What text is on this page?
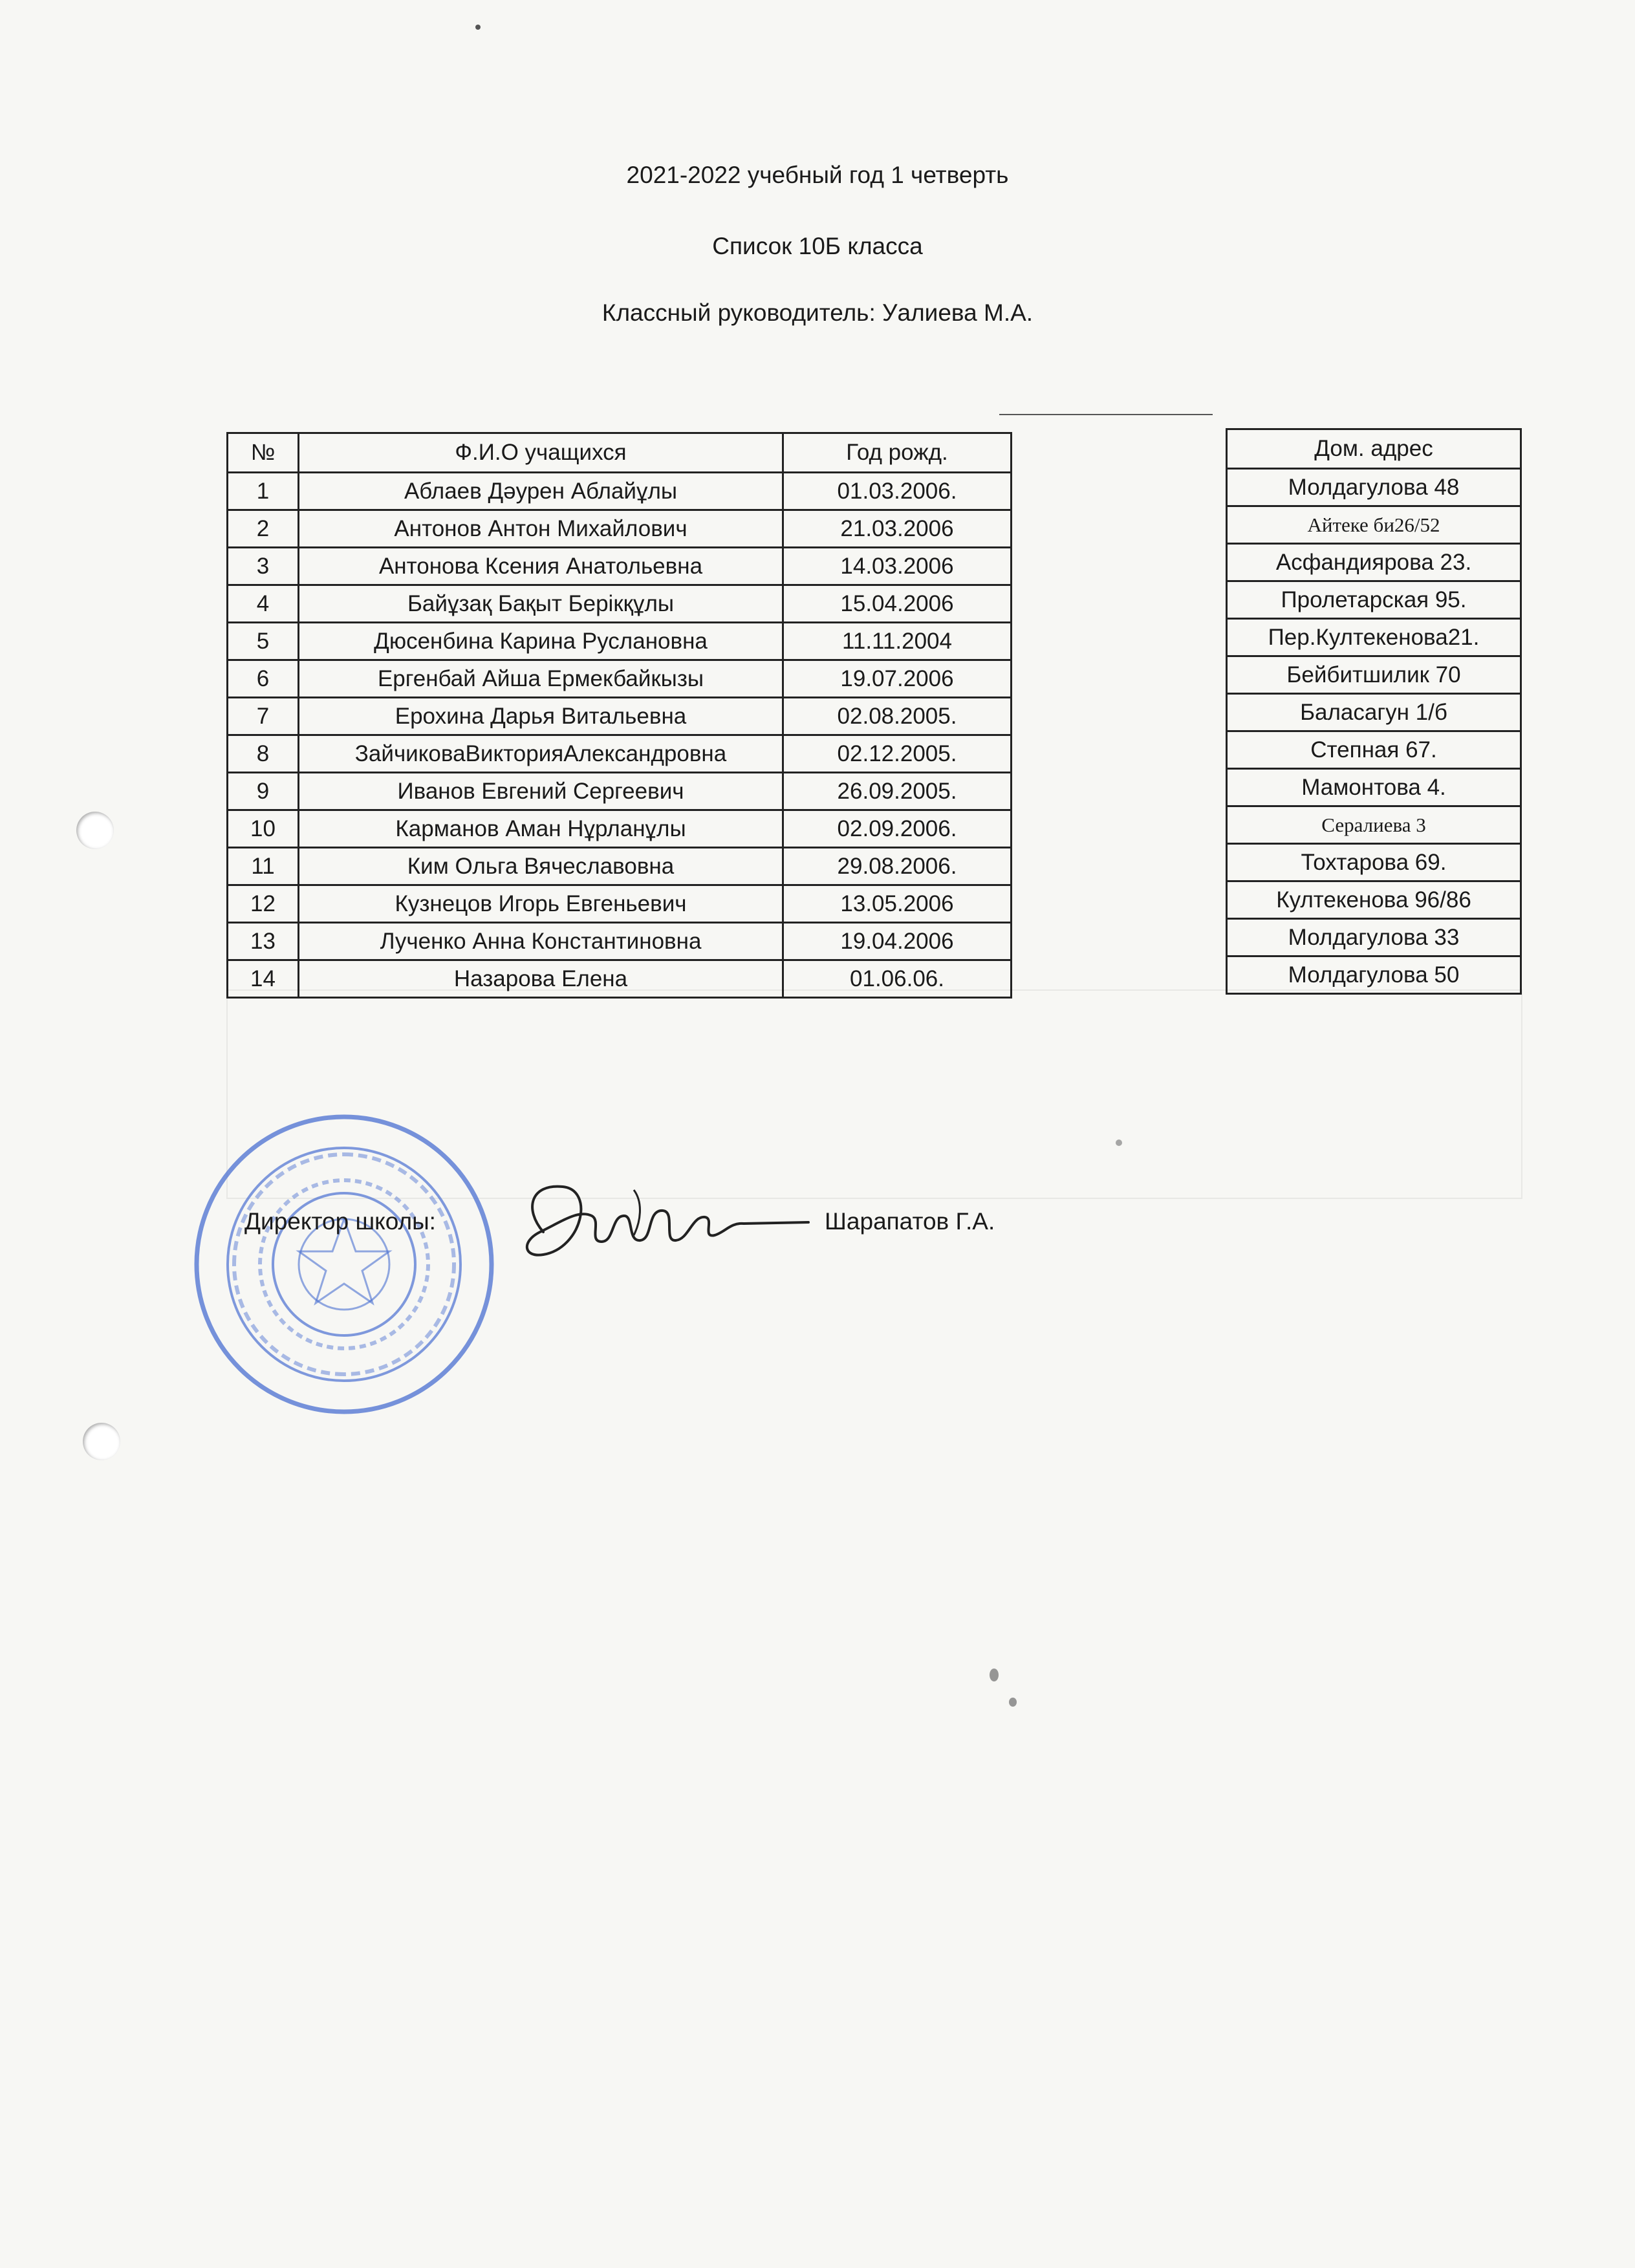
2021-2022 учебный год 1 четверть
Список 10Б класса
Классный руководитель: Уалиева М.А.
№	Ф.И.О учащихся	Год рожд.
1	Аблаев Дәурен Аблайұлы	01.03.2006.
2	Антонов Антон Михайлович	21.03.2006
3	Антонова Ксения Анатольевна	14.03.2006
4	Байұзақ Бақыт Берікқұлы	15.04.2006
5	Дюсенбина Карина Руслановна	11.11.2004
6	Ергенбай Айша Ермекбайкызы	19.07.2006
7	Ерохина Дарья Витальевна	02.08.2005.
8	ЗайчиковаВикторияАлександровна	02.12.2005.
9	Иванов Евгений Сергеевич	26.09.2005.
10	Карманов Аман Нұрланұлы	02.09.2006.
11	Ким Ольга Вячеславовна	29.08.2006.
12	Кузнецов Игорь Евгеньевич	13.05.2006
13	Лученко Анна Константиновна	19.04.2006
14	Назарова Елена	01.06.06.
Дом. адрес
Молдагулова 48
Айтеке би26/52
Асфандиярова 23.
Пролетарская 95.
Пер.Култекенова21.
Бейбитшилик 70
Баласагун 1/б
Степная 67.
Мамонтова 4.
Сералиева 3
Тохтарова 69.
Култекенова 96/86
Молдагулова 33
Молдагулова 50
Директор школы:	Шарапатов Г.А.
